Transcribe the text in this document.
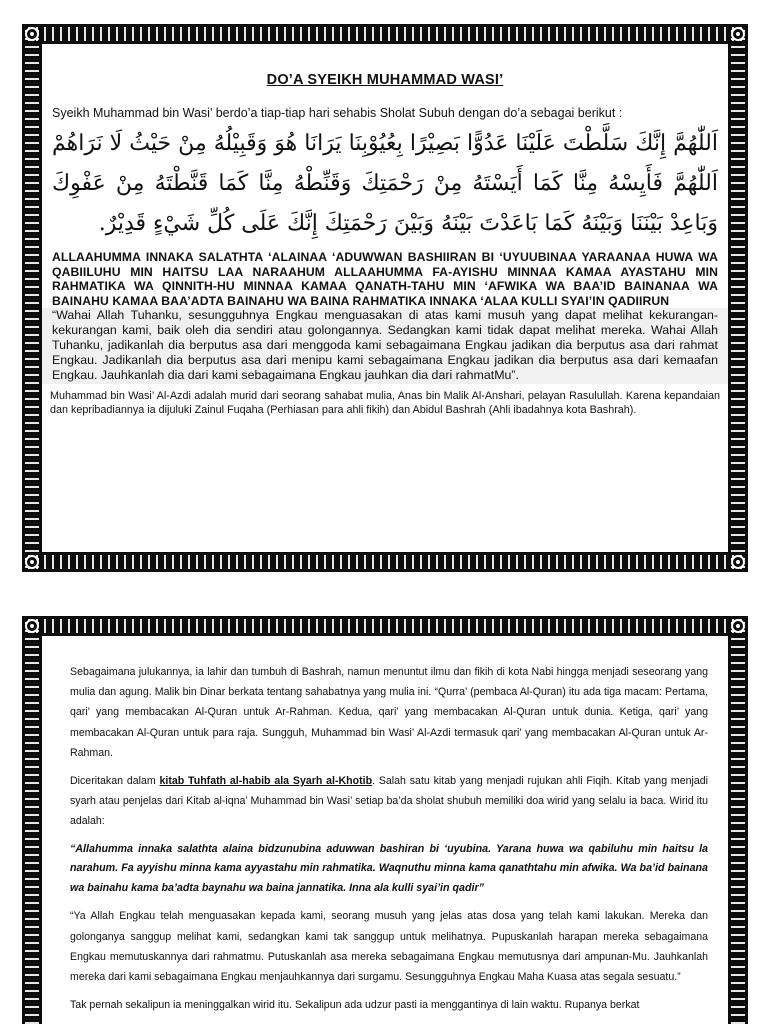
DO’A SYEIKH MUHAMMAD WASI’

Syeikh Muhammad bin Wasi’ berdo’a tiap-tiap hari sehabis Sholat Subuh dengan do’a sebagai berikut :

اَللّٰهُمَّ إِنَّكَ سَلَّطْتَ عَلَيْنَا عَدُوًّا بَصِيْرًا بِعُيُوْبِنَا يَرَانَا هُوَ وَقَبِيْلُهُ مِنْ حَيْثُ لَا نَرَاهُمْ اَللّٰهُمَّ فَأَيِسْهُ مِنَّا كَمَا أَيَسْتَهُ مِنْ رَحْمَتِكَ وَقَنِّطْهُ مِنَّا كَمَا قَنَّطْتَهُ مِنْ عَفْوِكَ وَبَاعِدْ بَيْنَنَا وَبَيْنَهُ كَمَا بَاعَدْتَ بَيْنَهُ وَبَيْنَ رَحْمَتِكَ إِنَّكَ عَلَى كُلِّ شَيْءٍ قَدِيْرٌ.

ALLAAHUMMA INNAKA SALATHTA ‘ALAINAA ‘ADUWWAN BASHIIRAN BI ‘UYUUBINAA YARAANAA HUWA WA QABIILUHU MIN HAITSU LAA NARAAHUM ALLAAHUMMA FA-AYISHU MINNAA KAMAA AYASTAHU MIN RAHMATIKA WA QINNITH-HU MINNAA KAMAA QANATH-TAHU MIN ‘AFWIKA WA BAA’ID BAINANAA WA BAINAHU KAMAA BAA’ADTA BAINAHU WA BAINA RAHMATIKA INNAKA ‘ALAA KULLI SYAI’IN QADIIRUN

“Wahai Allah Tuhanku, sesungguhnya Engkau menguasakan di atas kami musuh yang dapat melihat kekurangan-kekurangan kami, baik oleh dia sendiri atau golongannya. Sedangkan kami tidak dapat melihat mereka. Wahai Allah Tuhanku, jadikanlah dia berputus asa dari menggoda kami sebagaimana Engkau jadikan dia berputus asa dari rahmat Engkau. Jadikanlah dia berputus asa dari menipu kami sebagaimana Engkau jadikan dia berputus asa dari kemaafan Engkau. Jauhkanlah dia dari kami sebagaimana Engkau jauhkan dia dari rahmatMu”.

Muhammad bin Wasi’ Al-Azdi adalah murid dari seorang sahabat mulia, Anas bin Malik Al-Anshari, pelayan Rasulullah. Karena kepandaian dan kepribadiannya ia dijuluki Zainul Fuqaha (Perhiasan para ahli fikih) dan Abidul Bashrah (Ahli ibadahnya kota Bashrah).

Sebagaimana julukannya, ia lahir dan tumbuh di Bashrah, namun menuntut ilmu dan fikih di kota Nabi hingga menjadi seseorang yang mulia dan agung. Malik bin Dinar berkata tentang sahabatnya yang mulia ini. “Qurra’ (pembaca Al-Quran) itu ada tiga macam: Pertama, qari’ yang membacakan Al-Quran untuk Ar-Rahman. Kedua, qari’ yang membacakan Al-Quran untuk dunia. Ketiga, qari’ yang membacakan Al-Quran untuk para raja. Sungguh, Muhammad bin Wasi’ Al-Azdi termasuk qari’ yang membacakan Al-Quran untuk Ar-Rahman.

Diceritakan dalam kitab Tuhfath al-habib ala Syarh al-Khotib. Salah satu kitab yang menjadi rujukan ahli Fiqih. Kitab yang menjadi syarh atau penjelas dari Kitab al-iqna’ Muhammad bin Wasi’ setiap ba’da sholat shubuh memiliki doa wirid yang selalu ia baca. Wirid itu adalah:

“Allahumma innaka salathta alaina bidzunubina aduwwan bashiran bi ‘uyubina. Yarana huwa wa qabiluhu min haitsu la narahum. Fa ayyishu minna kama ayyastahu min rahmatika. Waqnuthu minna kama qanathtahu min afwika. Wa ba’id bainana wa bainahu kama ba’adta baynahu wa baina jannatika. Inna ala kulli syai’in qadir”

“Ya Allah Engkau telah menguasakan kepada kami, seorang musuh yang jelas atas dosa yang telah kami lakukan. Mereka dan golonganya sanggup melihat kami, sedangkan kami tak sanggup untuk melihatnya. Pupuskanlah harapan mereka sebagaimana Engkau memutuskannya dari rahmatmu. Putuskanlah asa mereka sebagaimana Engkau memutusnya dari ampunan-Mu. Jauhkanlah mereka dari kami sebagaimana Engkau menjauhkannya dari surgamu. Sesungguhnya Engkau Maha Kuasa atas segala sesuatu.”

Tak pernah sekalipun ia meninggalkan wirid itu. Sekalipun ada udzur pasti ia menggantinya di lain waktu. Rupanya berkat
